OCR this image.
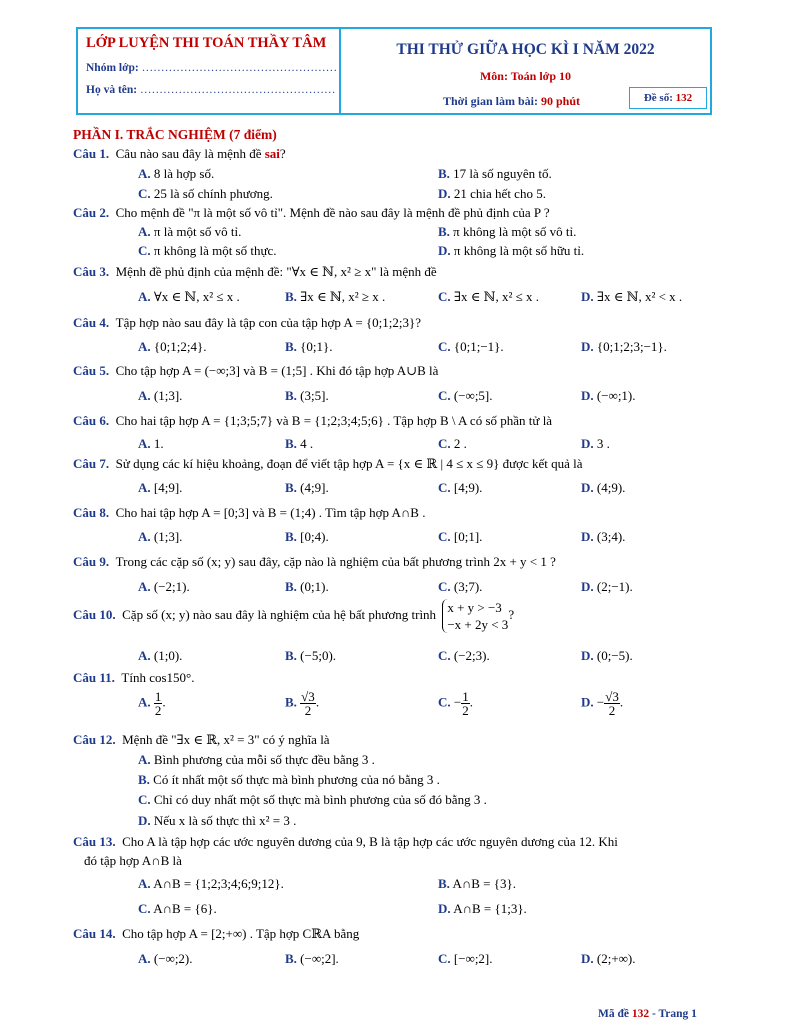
LỚP LUYỆN THI TOÁN THẦY TÂM
Nhóm lớp: ……………………………………………
Họ và tên: ……………………………………………
THI THỬ GIỮA HỌC KÌ I NĂM 2022
Môn: Toán lớp 10
Thời gian làm bài: 90 phút	Đề số: 132
PHẦN I. TRẮC NGHIỆM (7 điểm)
Câu 1. Câu nào sau đây là mệnh đề sai?
A. 8 là hợp số.	B. 17 là số nguyên tố.
C. 25 là số chính phương.	D. 21 chia hết cho 5.
Câu 2. Cho mệnh đề "π là một số vô tỉ". Mệnh đề nào sau đây là mệnh đề phủ định của P ?
A. π là một số vô tỉ.	B. π không là một số vô tỉ.
C. π không là một số thực.	D. π không là một số hữu tỉ.
Câu 3. Mệnh đề phủ định của mệnh đề: "∀x ∈ ℕ, x² ≥ x" là mệnh đề
A. ∀x ∈ ℕ, x² ≤ x .	B. ∃x ∈ ℕ, x² ≥ x .	C. ∃x ∈ ℕ, x² ≤ x .	D. ∃x ∈ ℕ, x² < x .
Câu 4. Tập hợp nào sau đây là tập con của tập hợp A = {0;1;2;3}?
A. {0;1;2;4}.	B. {0;1}.	C. {0;1;−1}.	D. {0;1;2;3;−1}.
Câu 5. Cho tập hợp A = (−∞;3] và B = (1;5] . Khi đó tập hợp A∪B là
A. (1;3].	B. (3;5].	C. (−∞;5].	D. (−∞;1).
Câu 6. Cho hai tập hợp A = {1;3;5;7} và B = {1;2;3;4;5;6} . Tập hợp B \ A có số phần tử là
A. 1.	B. 4 .	C. 2 .	D. 3 .
Câu 7. Sử dụng các kí hiệu khoảng, đoạn để viết tập hợp A = {x ∈ ℝ | 4 ≤ x ≤ 9} được kết quả là
A. [4;9].	B. (4;9].	C. [4;9).	D. (4;9).
Câu 8. Cho hai tập hợp A = [0;3] và B = (1;4) . Tìm tập hợp A∩B .
A. (1;3].	B. [0;4).	C. [0;1].	D. (3;4).
Câu 9. Trong các cặp số (x; y) sau đây, cặp nào là nghiệm của bất phương trình 2x + y < 1 ?
A. (−2;1).	B. (0;1).	C. (3;7).	D. (2;−1).
Câu 10. Cặp số (x; y) nào sau đây là nghiệm của hệ bất phương trình x + y > −3
−x + 2y < 3
?
A. (1;0).	B. (−5;0).	C. (−2;3).	D. (0;−5).
Câu 11. Tính cos150°.
A. $\frac{1}{2}$ .	B. $\frac{√3}{2}$ .	C. − $\frac{1}{2}$ .	D. − $\frac{√3}{2}$ .
Câu 12. Mệnh đề "∃x ∈ ℝ, x² = 3" có ý nghĩa là
A. Bình phương của mỗi số thực đều bằng 3 .
B. Có ít nhất một số thực mà bình phương của nó bằng 3 .
C. Chỉ có duy nhất một số thực mà bình phương của số đó bằng 3 .
D. Nếu x là số thực thì x² = 3 .
Câu 13. Cho A là tập hợp các ước nguyên dương của 9, B là tập hợp các ước nguyên dương của 12. Khi
đó tập hợp A∩B là
A. A∩B = {1;2;3;4;6;9;12}.	B. A∩B = {3}.
C. A∩B = {6}.	D. A∩B = {1;3}.
Câu 14. Cho tập hợp A = [2;+∞) . Tập hợp CℝA bằng
A. (−∞;2).	B. (−∞;2].	C. [−∞;2].	D. (2;+∞).
Mã đề 132 - Trang 1
